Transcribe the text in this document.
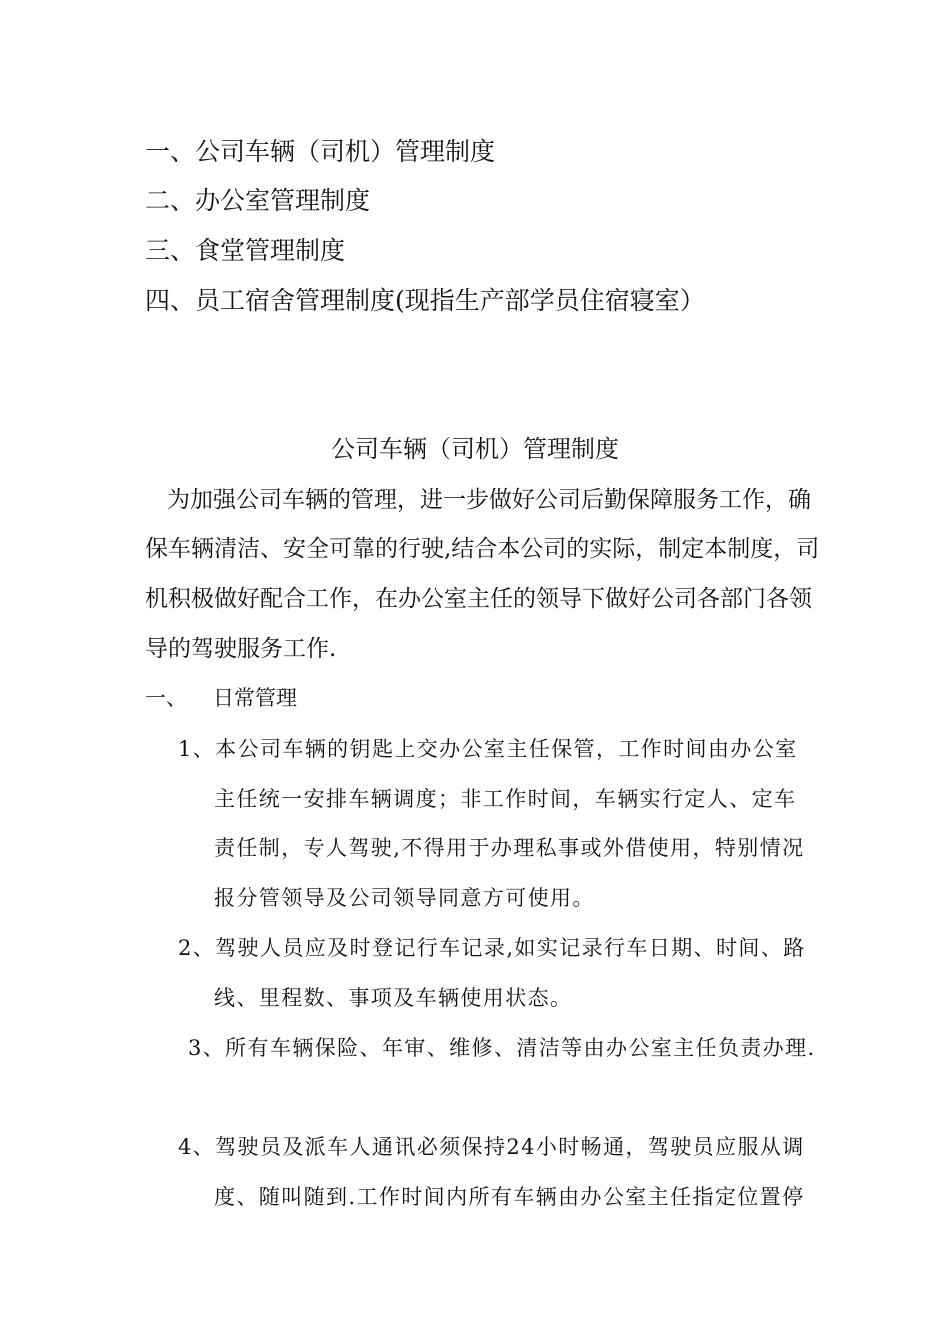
一、公司车辆（司机）管理制度
二、办公室管理制度
三、食堂管理制度
四、员工宿舍管理制度(现指生产部学员住宿寝室）
公司车辆（司机）管理制度
为加强公司车辆的管理，进一步做好公司后勤保障服务工作，确
保车辆清洁、安全可靠的行驶,结合本公司的实际，制定本制度，司
机积极做好配合工作，在办公室主任的领导下做好公司各部门各领
导的驾驶服务工作.
一、 日常管理
1、本公司车辆的钥匙上交办公室主任保管，工作时间由办公室
主任统一安排车辆调度；非工作时间，车辆实行定人、定车
责任制，专人驾驶,不得用于办理私事或外借使用，特别情况
报分管领导及公司领导同意方可使用。
2、驾驶人员应及时登记行车记录,如实记录行车日期、时间、路
线、里程数、事项及车辆使用状态。
3、所有车辆保险、年审、维修、清洁等由办公室主任负责办理.
4、驾驶员及派车人通讯必须保持24小时畅通，驾驶员应服从调
度、随叫随到.工作时间内所有车辆由办公室主任指定位置停
